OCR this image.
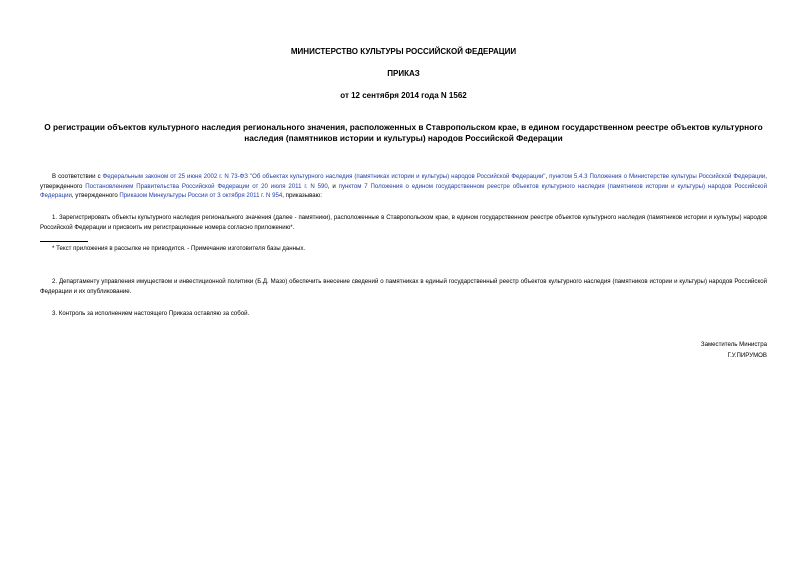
МИНИСТЕРСТВО КУЛЬТУРЫ РОССИЙСКОЙ ФЕДЕРАЦИИ
ПРИКАЗ
от 12 сентября 2014 года N 1562
О регистрации объектов культурного наследия регионального значения, расположенных в Ставропольском крае, в едином государственном реестре объектов культурного наследия (памятников истории и культуры) народов Российской Федерации
В соответствии с Федеральным законом от 25 июня 2002 г. N 73-ФЗ "Об объектах культурного наследия (памятниках истории и культуры) народов Российской Федерации", пунктом 5.4.3 Положения о Министерстве культуры Российской Федерации, утвержденного Постановлением Правительства Российской Федерации от 20 июля 2011 г. N 590, и пунктом 7 Положения о едином государственном реестре объектов культурного наследия (памятников истории и культуры) народов Российской Федерации, утвержденного Приказом Минкультуры России от 3 октября 2011 г. N 954, приказываю:
1. Зарегистрировать объекты культурного наследия регионального значения (далее - памятники), расположенные в Ставропольском крае, в едином государственном реестре объектов культурного наследия (памятников истории и культуры) народов Российской Федерации и присвоить им регистрационные номера согласно приложению*.
* Текст приложения в рассылке не приводится. - Примечание изготовителя базы данных.
2. Департаменту управления имуществом и инвестиционной политики (Б.Д. Мазо) обеспечить внесение сведений о памятниках в единый государственный реестр объектов культурного наследия (памятников истории и культуры) народов Российской Федерации и их опубликование.
3. Контроль за исполнением настоящего Приказа оставляю за собой.
Заместитель Министра
Г.У.ПИРУМОВ
